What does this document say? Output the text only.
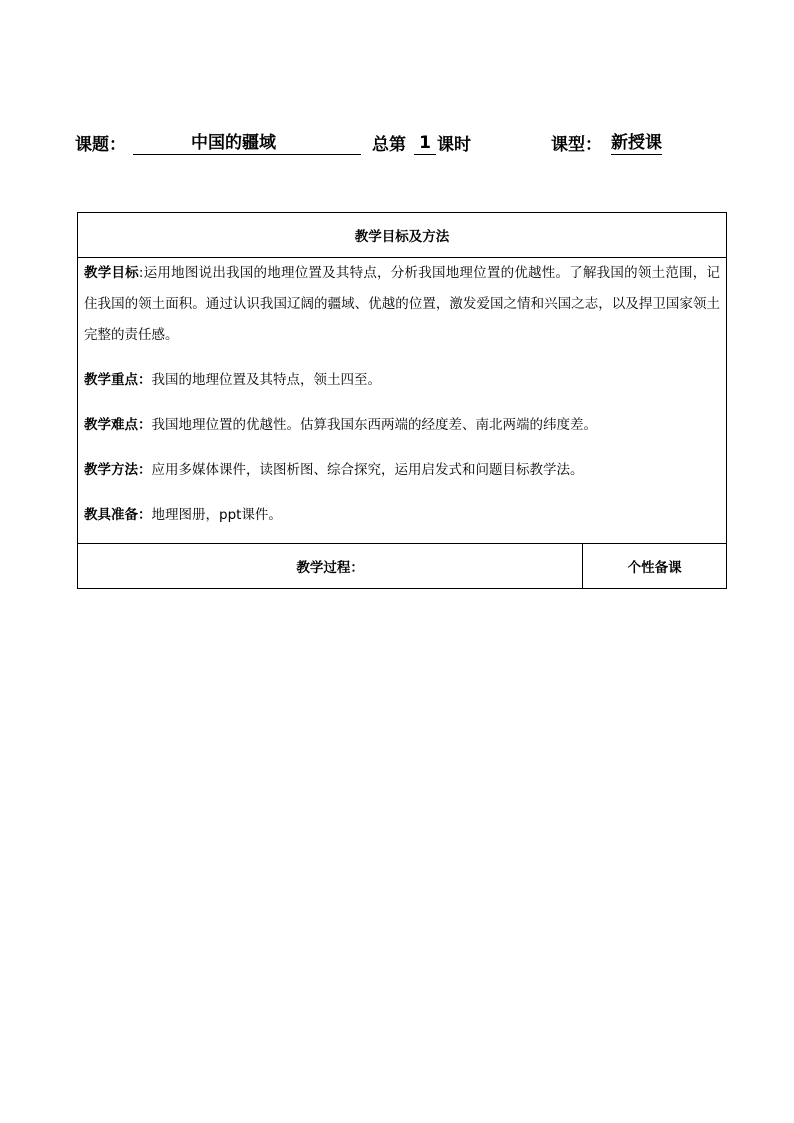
课题：	中国的疆域	总第 1 课时	课型： 新授课
教学目标及方法

教学目标:运用地图说出我国的地理位置及其特点，分析我国地理位置的优越性。了解我国的领土范围，记住我国的领土面积。通过认识我国辽阔的疆域、优越的位置，激发爱国之情和兴国之志，以及捍卫国家领土完整的责任感。
教学重点：我国的地理位置及其特点，领土四至。
教学难点：我国地理位置的优越性。估算我国东西两端的经度差、南北两端的纬度差。
教学方法：应用多媒体课件，读图析图、综合探究，运用启发式和问题目标教学法。
教具准备：地理图册，ppt课件。

教学过程：	个性备课
